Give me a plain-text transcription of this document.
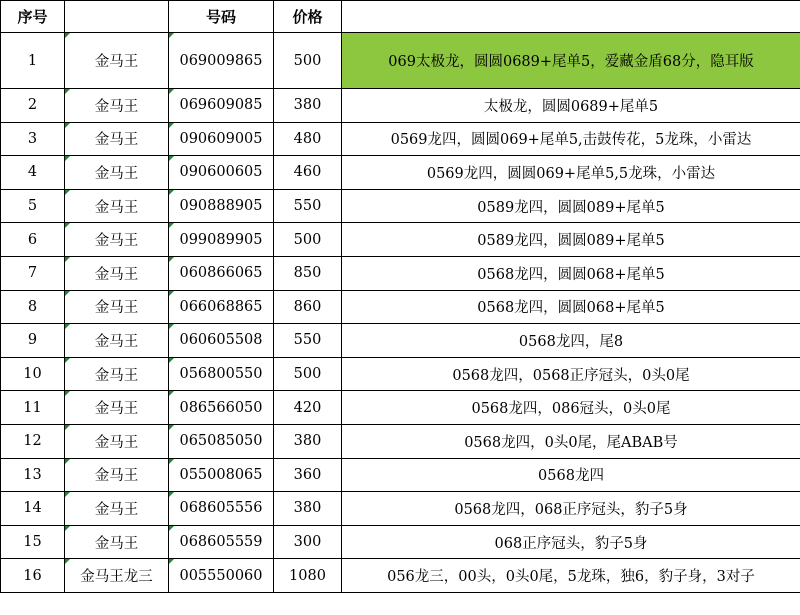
序号		号码	价格	
1	金马王	069009865	500	069太极龙，圆圆0689+尾单5，爱藏金盾68分，隐耳版
2	金马王	069609085	380	太极龙，圆圆0689+尾单5
3	金马王	090609005	480	0569龙四，圆圆069+尾单5,击鼓传花，5龙珠，小雷达
4	金马王	090600605	460	0569龙四，圆圆069+尾单5,5龙珠，小雷达
5	金马王	090888905	550	0589龙四，圆圆089+尾单5
6	金马王	099089905	500	0589龙四，圆圆089+尾单5
7	金马王	060866065	850	0568龙四，圆圆068+尾单5
8	金马王	066068865	860	0568龙四，圆圆068+尾单5
9	金马王	060605508	550	0568龙四，尾8
10	金马王	056800550	500	0568龙四，0568正序冠头，0头0尾
11	金马王	086566050	420	0568龙四，086冠头，0头0尾
12	金马王	065085050	380	0568龙四，0头0尾，尾ABAB号
13	金马王	055008065	360	0568龙四
14	金马王	068605556	380	0568龙四，068正序冠头，豹子5身
15	金马王	068605559	300	068正序冠头，豹子5身
16	金马王龙三	005550060	1080	056龙三，00头，0头0尾，5龙珠，独6，豹子身，3对子
